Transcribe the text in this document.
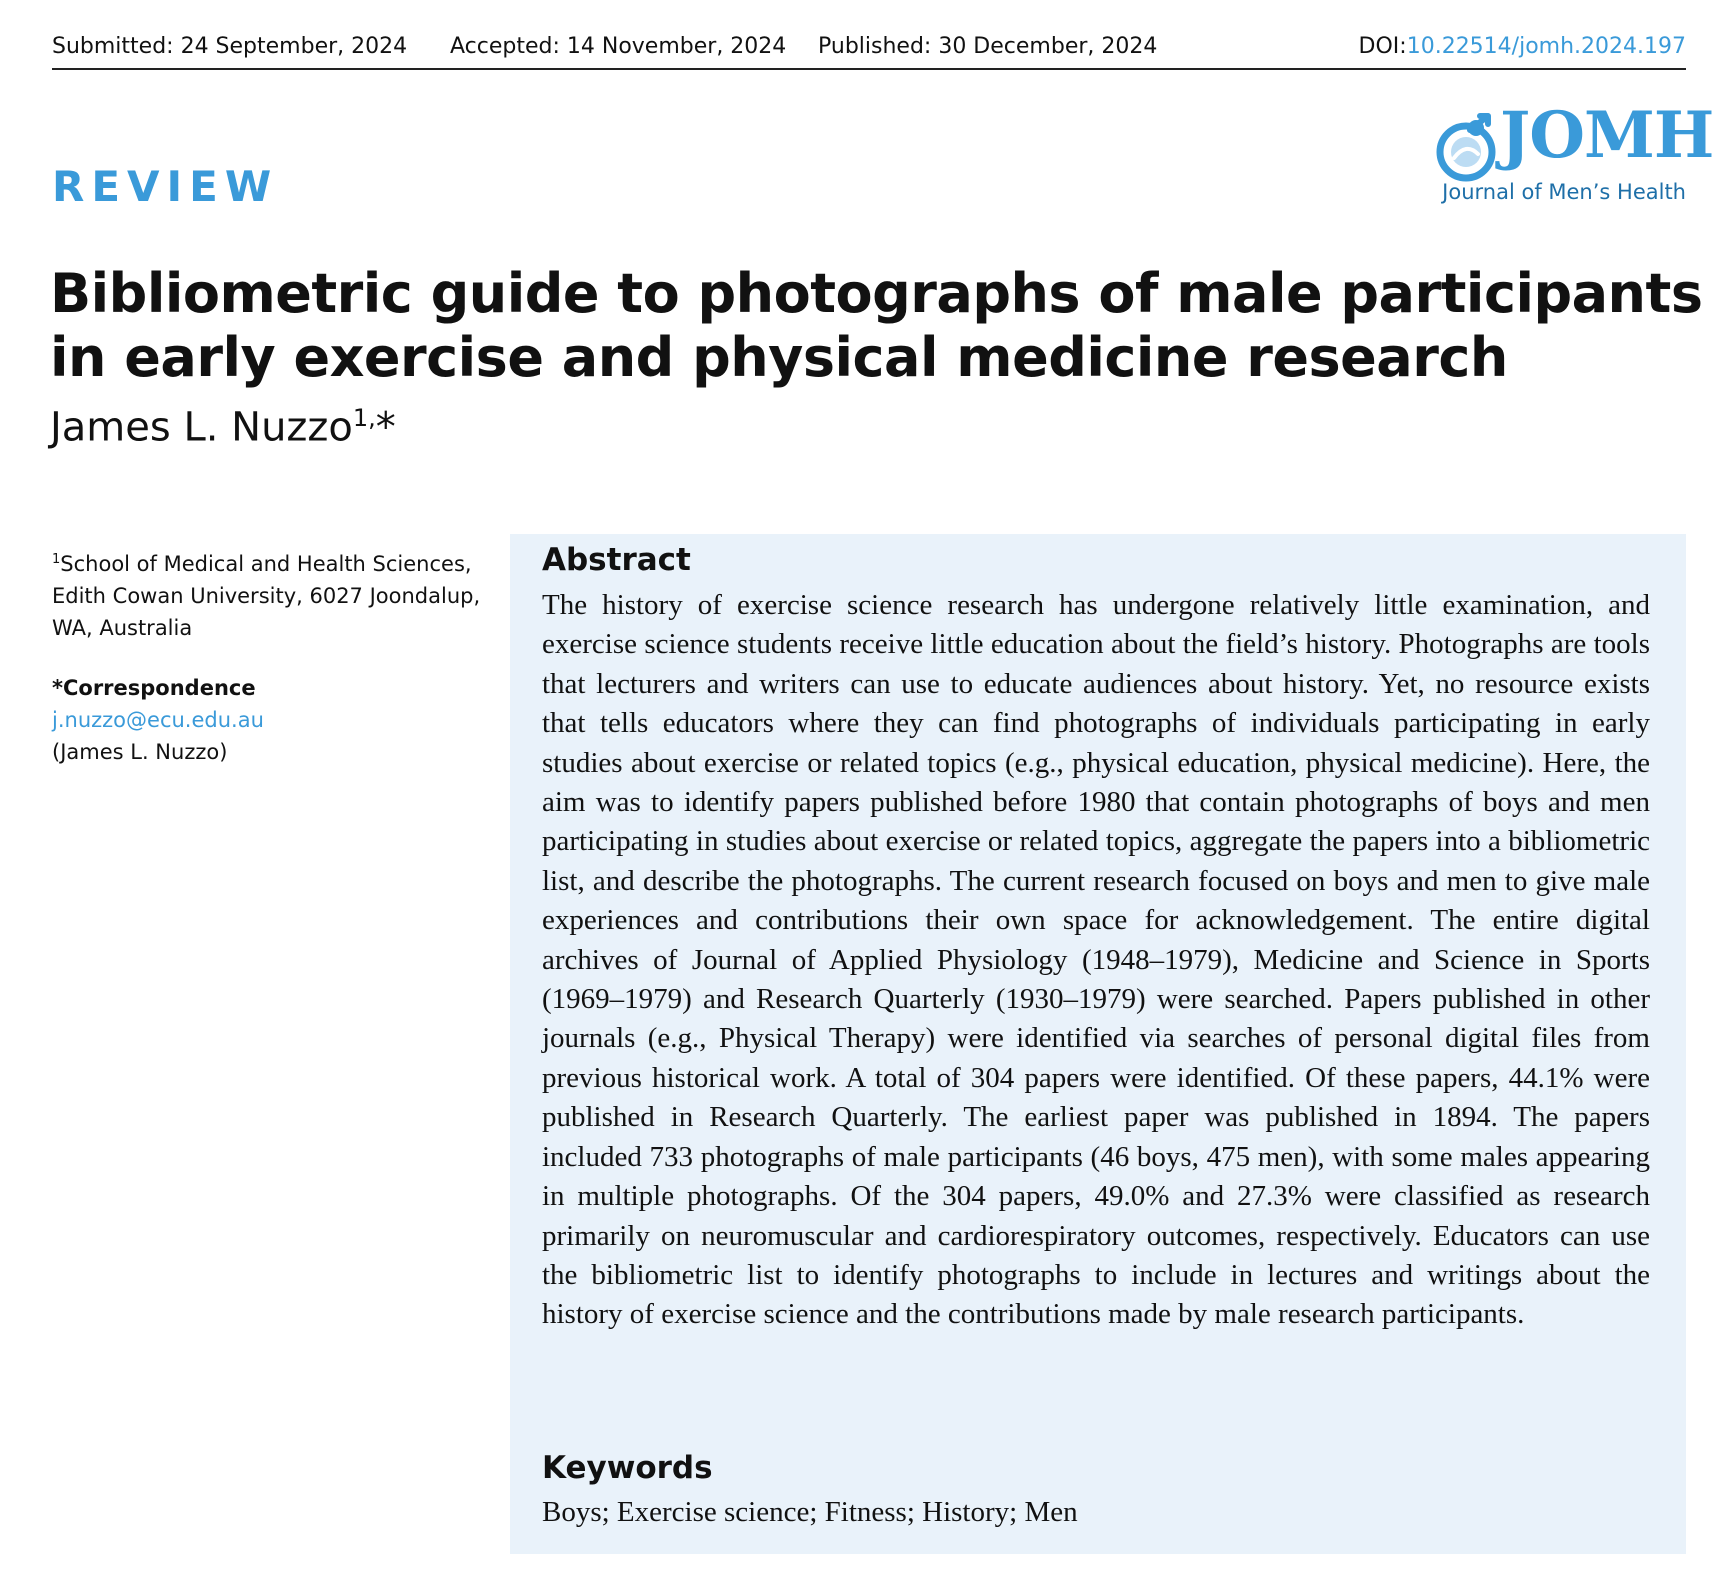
Submitted: 24 September, 2024 Accepted: 14 November, 2024 Published: 30 December, 2024	DOI:10.22514/jomh.2024.197
REVIEW
JOMH
Journal of Men’s Health
Bibliometric guide to photographs of male participants in early exercise and physical medicine research
James L. Nuzzo$^{1,}$*
$^1$School of Medical and Health Sciences, Edith Cowan University, 6027 Joondalup, WA, Australia
*Correspondence
j.nuzzo@ecu.edu.au
(James L. Nuzzo)
Abstract
The history of exercise science research has undergone relatively little examination, and exercise science students receive little education about the field’s history. Photographs are tools that lecturers and writers can use to educate audiences about history. Yet, no resource exists that tells educators where they can find photographs of individuals participating in early studies about exercise or related topics (e.g., physical education, physical medicine). Here, the aim was to identify papers published before 1980 that contain photographs of boys and men participating in studies about exercise or related topics, aggregate the papers into a bibliometric list, and describe the photographs. The current research focused on boys and men to give male experiences and contributions their own space for acknowledgement. The entire digital archives of Journal of Applied Physiology (1948–1979), Medicine and Science in Sports (1969–1979) and Research Quarterly (1930–1979) were searched. Papers published in other journals (e.g., Physical Therapy) were identified via searches of personal digital files from previous historical work. A total of 304 papers were identified. Of these papers, 44.1% were published in Research Quarterly. The earliest paper was published in 1894. The papers included 733 photographs of male participants (46 boys, 475 men), with some males appearing in multiple photographs. Of the 304 papers, 49.0% and 27.3% were classified as research primarily on neuromuscular and cardiorespiratory outcomes, respectively. Educators can use the bibliometric list to identify photographs to include in lectures and writings about the history of exercise science and the contributions made by male research participants.
Keywords
Boys; Exercise science; Fitness; History; Men
